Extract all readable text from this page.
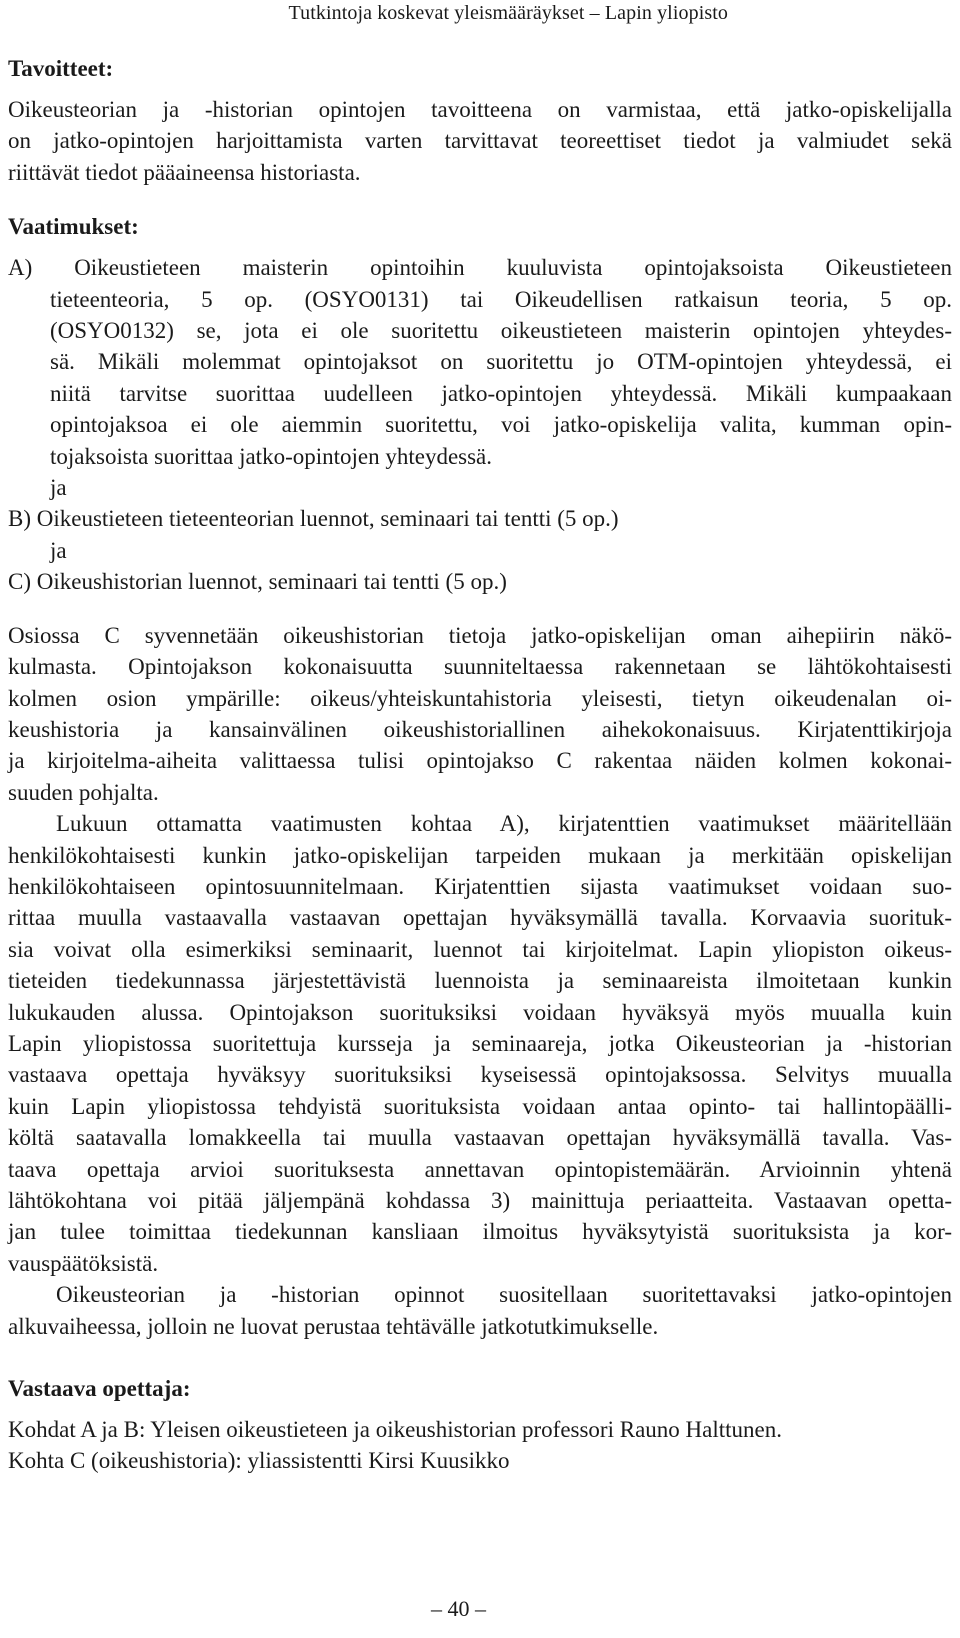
Tutkintoja koskevat yleismääräykset – Lapin yliopisto
Tavoitteet:

Oikeusteorian ja -historian opintojen tavoitteena on varmistaa, että jatko-opiskelijalla
on jatko-opintojen harjoittamista varten tarvittavat teoreettiset tiedot ja valmiudet sekä
riittävät tiedot pääaineensa historiasta.

Vaatimukset:

A) Oikeustieteen maisterin opintoihin kuuluvista opintojaksoista Oikeustieteen
tieteenteoria, 5 op. (OSYO0131) tai Oikeudellisen ratkaisun teoria, 5 op.
(OSYO0132) se, jota ei ole suoritettu oikeustieteen maisterin opintojen yhteydes-
sä. Mikäli molemmat opintojaksot on suoritettu jo OTM-opintojen yhteydessä, ei
niitä tarvitse suorittaa uudelleen jatko-opintojen yhteydessä. Mikäli kumpaakaan
opintojaksoa ei ole aiemmin suoritettu, voi jatko-opiskelija valita, kumman opin-
tojaksoista suorittaa jatko-opintojen yhteydessä.
ja
B) Oikeustieteen tieteenteorian luennot, seminaari tai tentti (5 op.)
ja
C) Oikeushistorian luennot, seminaari tai tentti (5 op.)

Osiossa C syvennetään oikeushistorian tietoja jatko-opiskelijan oman aihepiirin näkö-
kulmasta. Opintojakson kokonaisuutta suunniteltaessa rakennetaan se lähtökohtaisesti
kolmen osion ympärille: oikeus/yhteiskuntahistoria yleisesti, tietyn oikeudenalan oi-
keushistoria ja kansainvälinen oikeushistoriallinen aihekokonaisuus. Kirjatenttikirjoja
ja kirjoitelma-aiheita valittaessa tulisi opintojakso C rakentaa näiden kolmen kokonai-
suuden pohjalta.

Lukuun ottamatta vaatimusten kohtaa A), kirjatenttien vaatimukset määritellään
henkilökohtaisesti kunkin jatko-opiskelijan tarpeiden mukaan ja merkitään opiskelijan
henkilökohtaiseen opintosuunnitelmaan. Kirjatenttien sijasta vaatimukset voidaan suo-
rittaa muulla vastaavalla vastaavan opettajan hyväksymällä tavalla. Korvaavia suorituk-
sia voivat olla esimerkiksi seminaarit, luennot tai kirjoitelmat. Lapin yliopiston oikeus-
tieteiden tiedekunnassa järjestettävistä luennoista ja seminaareista ilmoitetaan kunkin
lukukauden alussa. Opintojakson suorituksiksi voidaan hyväksyä myös muualla kuin
Lapin yliopistossa suoritettuja kursseja ja seminaareja, jotka Oikeusteorian ja -historian
vastaava opettaja hyväksyy suorituksiksi kyseisessä opintojaksossa. Selvitys muualla
kuin Lapin yliopistossa tehdyistä suorituksista voidaan antaa opinto- tai hallintopäälli-
költä saatavalla lomakkeella tai muulla vastaavan opettajan hyväksymällä tavalla. Vas-
taava opettaja arvioi suorituksesta annettavan opintopistemäärän. Arvioinnin yhtenä
lähtökohtana voi pitää jäljempänä kohdassa 3) mainittuja periaatteita. Vastaavan opetta-
jan tulee toimittaa tiedekunnan kansliaan ilmoitus hyväksytyistä suorituksista ja kor-
vauspäätöksistä.

Oikeusteorian ja -historian opinnot suositellaan suoritettavaksi jatko-opintojen
alkuvaiheessa, jolloin ne luovat perustaa tehtävälle jatkotutkimukselle.

Vastaava opettaja:

Kohdat A ja B: Yleisen oikeustieteen ja oikeushistorian professori Rauno Halttunen.
Kohta C (oikeushistoria): yliassistentti Kirsi Kuusikko

– 40 –
